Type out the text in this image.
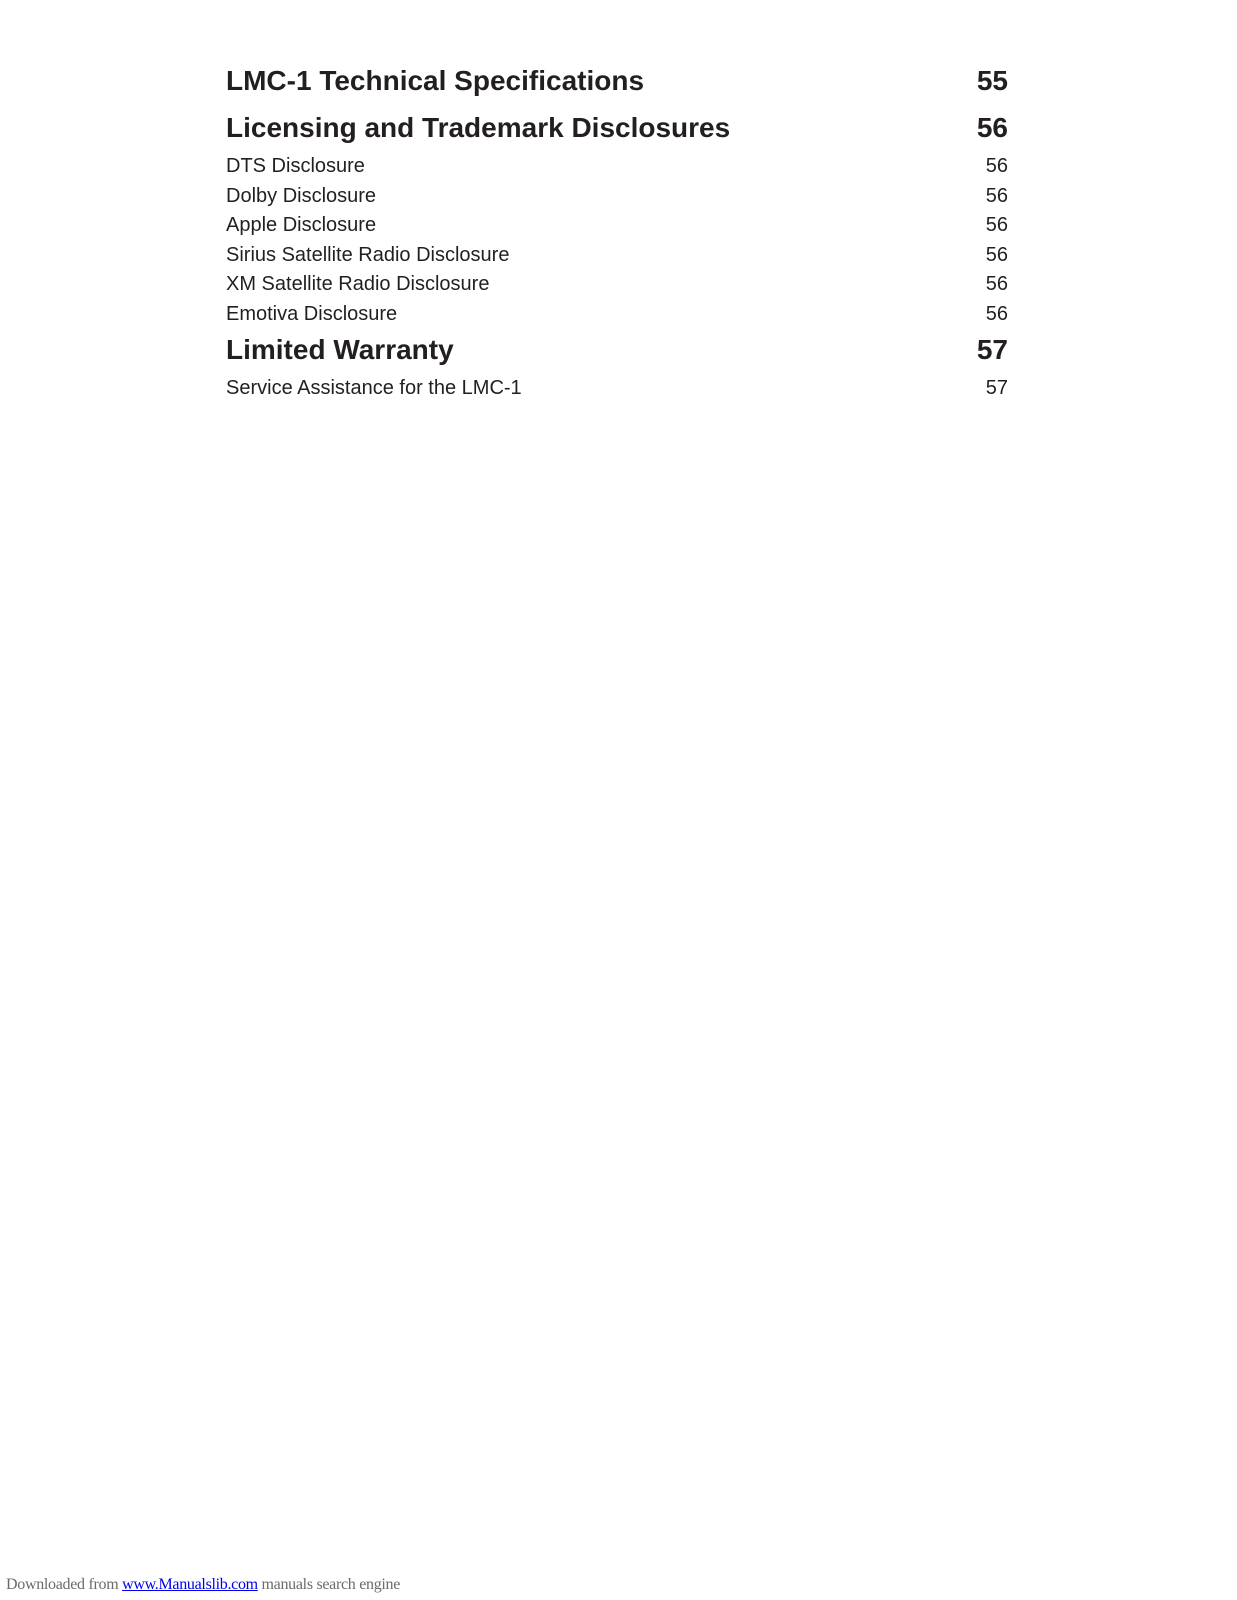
LMC-1 Technical Specifications	55
Licensing and Trademark Disclosures	56
DTS Disclosure	56
Dolby Disclosure	56
Apple Disclosure	56
Sirius Satellite Radio Disclosure	56
XM Satellite Radio Disclosure	56
Emotiva Disclosure	56
Limited Warranty	57
Service Assistance for the LMC-1	57
Downloaded from www.Manualslib.com manuals search engine
